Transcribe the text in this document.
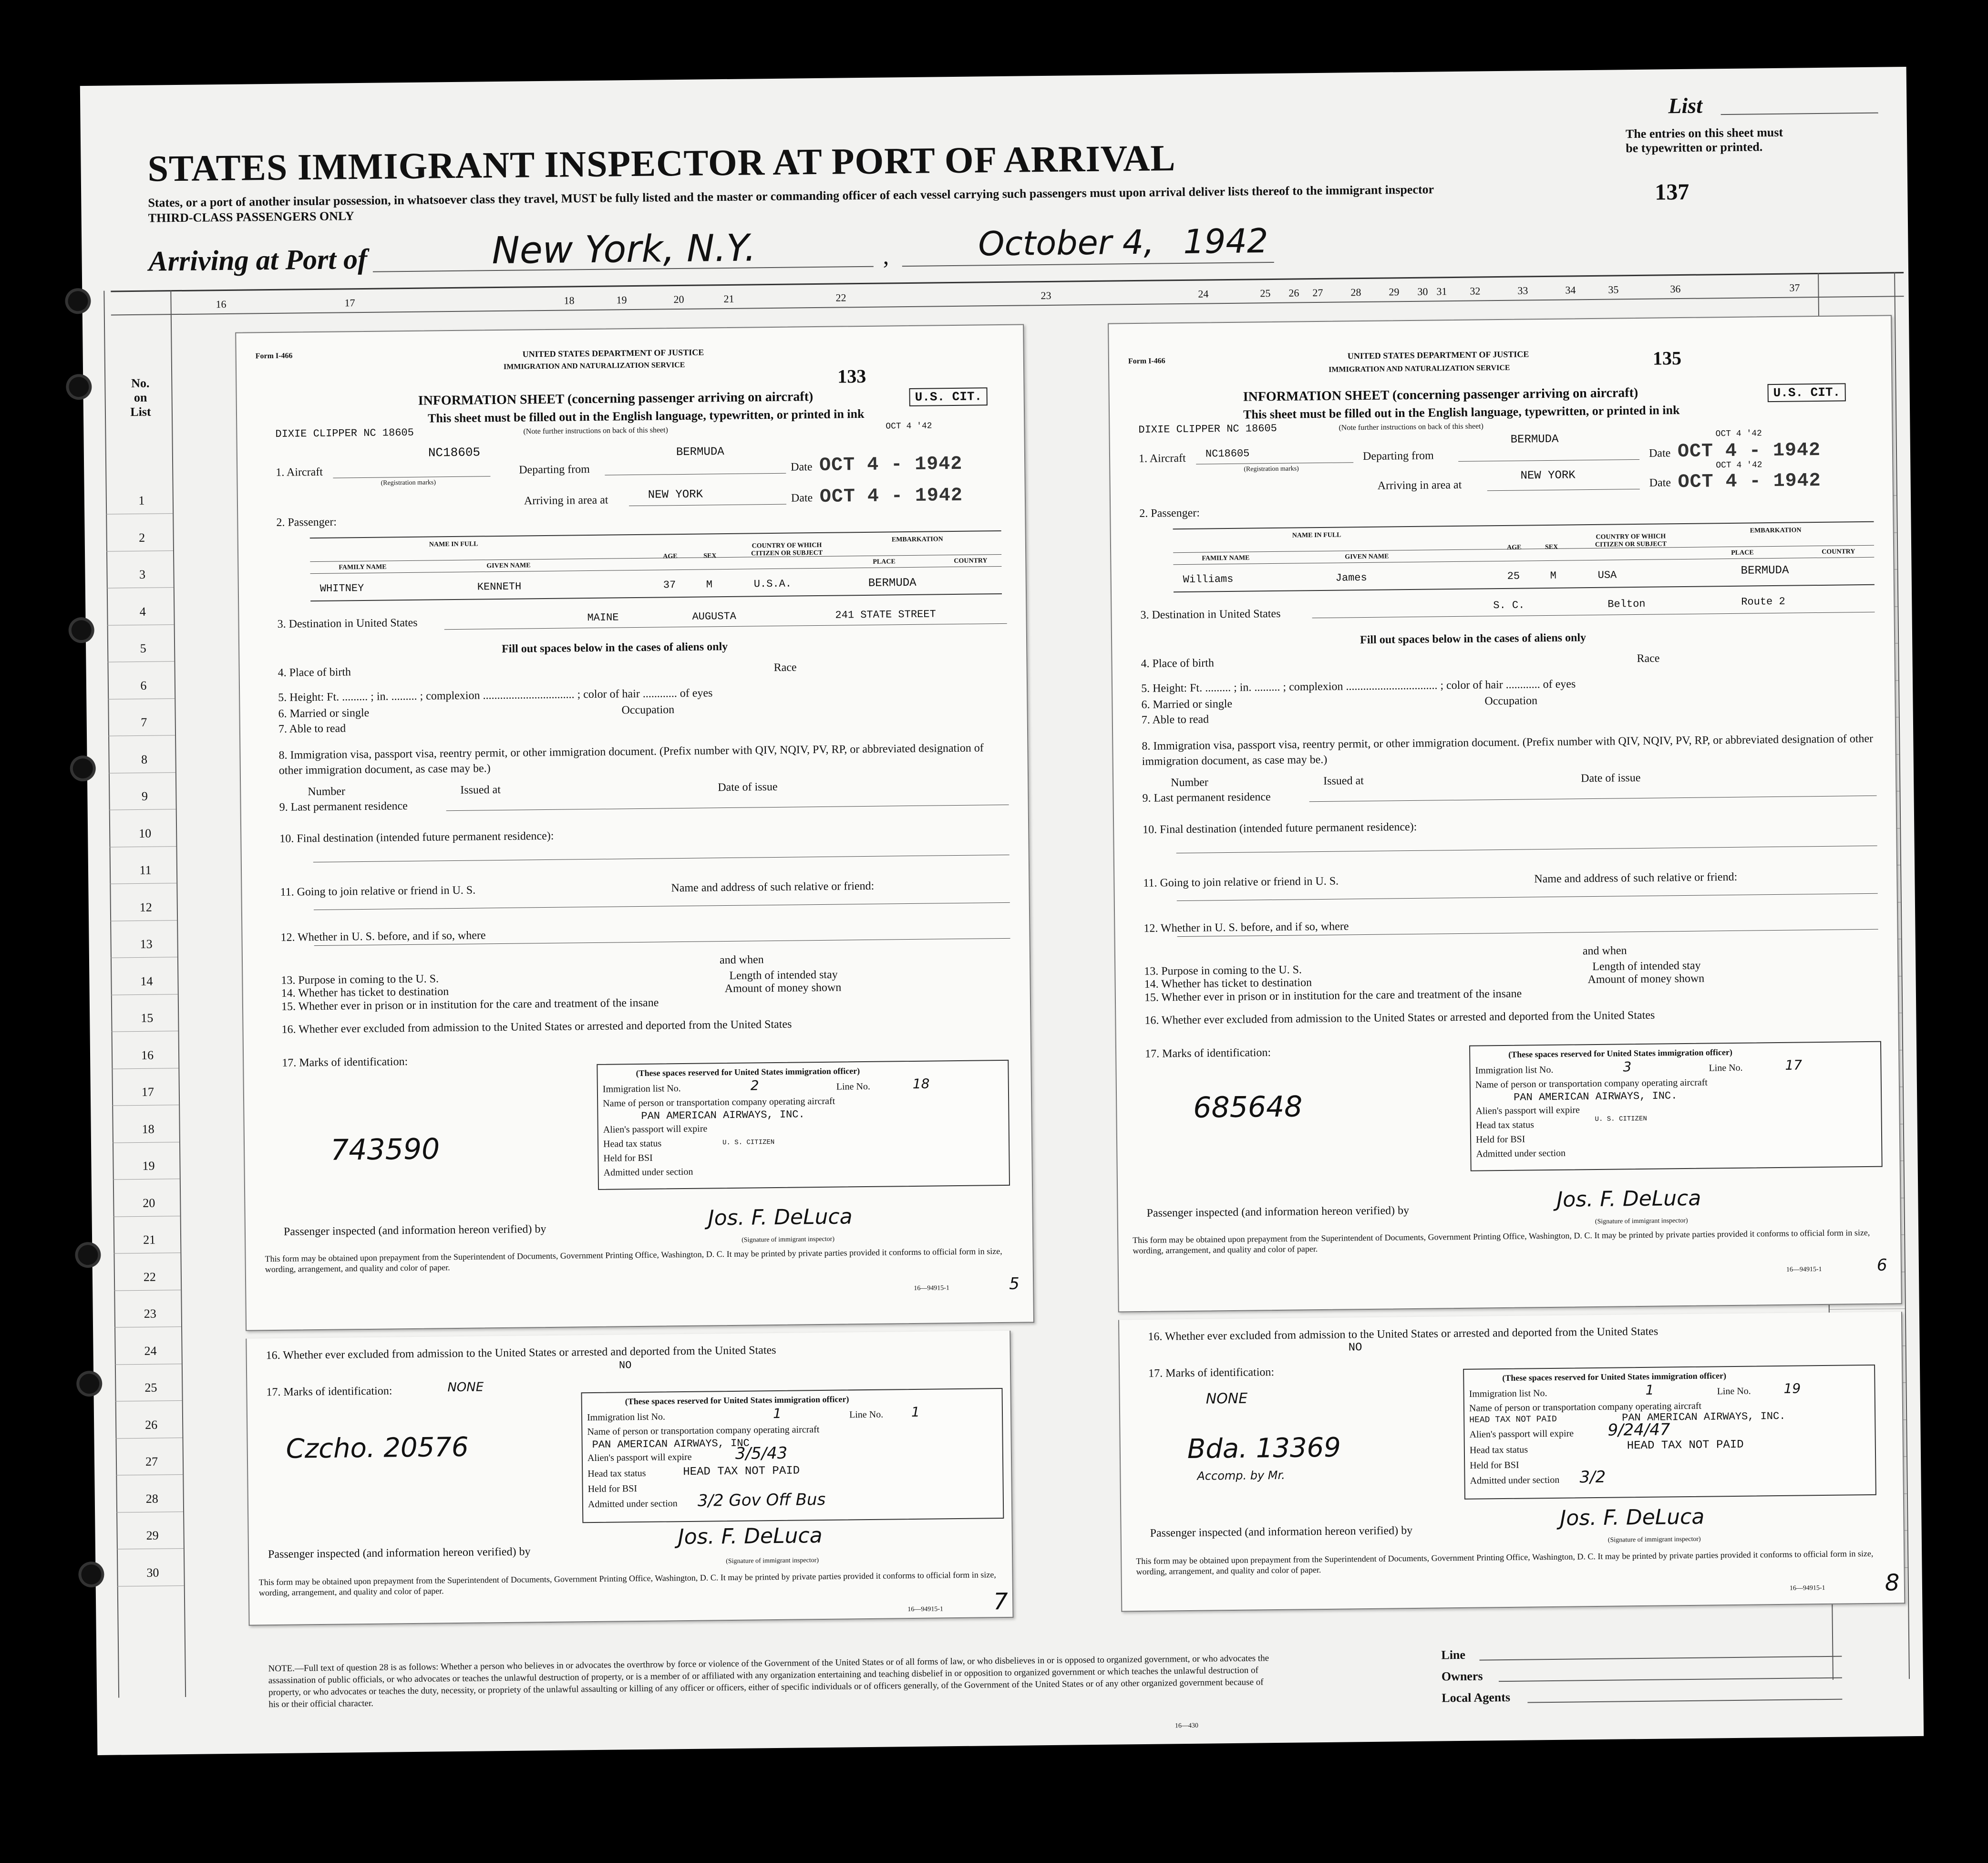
List
The entries on this sheet must
be typewritten or printed.
STATES IMMIGRANT INSPECTOR AT PORT OF ARRIVAL
States, or a port of another insular possession, in whatsoever class they travel, MUST be fully listed and the master or commanding officer of each vessel carrying such passengers must upon arrival deliver lists thereof to the immigrant inspector
THIRD-CLASS PASSENGERS ONLY
137
Arriving at Port of	New York, N.Y.	,	October 4, 1942
16	17	18	19	20	21	22	23	24	25 26 27	28	29 30 31 32	33	34	35	36	37
No.
on
List
1
2
3
4
5
6
7
8
9
10
11
12
13
14
15
16
17
18
19
20
21
22
23
24
25
26
27
28
29
30
Form I-466	UNITED STATES DEPARTMENT OF JUSTICE
IMMIGRATION AND NATURALIZATION SERVICE	133
INFORMATION SHEET (concerning passenger arriving on aircraft)	U.S. CIT.
This sheet must be filled out in the English language, typewritten, or printed in ink
DIXIE CLIPPER NC 18605	(Note further instructions on back of this sheet)	OCT 4 '42
NC18605
1. Aircraft
(Registration marks)
Departing from
BERMUDA
Date OCT 4 - 1942
Arriving in area at	NEW YORK	Date OCT 4 - 1942
2. Passenger:
NAME IN FULL
FAMILY NAME	GIVEN NAME
AGE	SEX
COUNTRY OF WHICH CITIZEN OR SUBJECT
EMBARKATION
PLACE	COUNTRY
WHITNEY	KENNETH	37	M	U.S.A.	BERMUDA
3. Destination in United States	MAINE	AUGUSTA	241 STATE STREET
Fill out spaces below in the cases of aliens only
4. Place of birth	Race
5. Height: Ft. ......... ; in. ......... ; complexion ................................ ; color of hair ............ of eyes
6. Married or single	Occupation
7. Able to read
8. Immigration visa, passport visa, reentry permit, or other immigration document. (Prefix number with QIV, NQIV, PV, RP, or abbreviated designation of other immigration document, as case may be.)
Number	Issued at	Date of issue
9. Last permanent residence
10. Final destination (intended future permanent residence):
11. Going to join relative or friend in U. S.	Name and address of such relative or friend:
12. Whether in U. S. before, and if so, where
and when
13. Purpose in coming to the U. S.	Length of intended stay
14. Whether has ticket to destination	Amount of money shown
15. Whether ever in prison or in institution for the care and treatment of the insane
16. Whether ever excluded from admission to the United States or arrested and deported from the United States
17. Marks of identification:
743590
(These spaces reserved for United States immigration officer)
Immigration list No.	2	Line No.	18
Name of person or transportation company operating aircraft
PAN AMERICAN AIRWAYS, INC.
Alien's passport will expire
Head tax status	U. S. CITIZEN
Held for BSI
Admitted under section
Passenger inspected (and information hereon verified) by
Jos. F. DeLuca
(Signature of immigrant inspector)
This form may be obtained upon prepayment from the Superintendent of Documents, Government Printing Office, Washington, D. C. It may be printed by private parties provided it conforms to official form in size, wording, arrangement, and quality and color of paper.
16—94915-1	5
Form I-466
UNITED STATES DEPARTMENT OF JUSTICE
IMMIGRATION AND NATURALIZATION SERVICE	135
INFORMATION SHEET (concerning passenger arriving on aircraft)	U.S. CIT.
This sheet must be filled out in the English language, typewritten, or printed in ink
DIXIE CLIPPER NC 18605	(Note further instructions on back of this sheet)
1. Aircraft NC18605
(Registration marks)
Departing from
BERMUDA
Date OCT 4 - 1942
OCT 4 '42
Arriving in area at
NEW YORK
Date OCT 4 - 1942
OCT 4 '42
2. Passenger:
NAME IN FULL
FAMILY NAME	GIVEN NAME
AGE	SEX
COUNTRY OF WHICH CITIZEN OR SUBJECT
EMBARKATION
PLACE	COUNTRY
Williams	James	25	M	USA	BERMUDA
3. Destination in United States
S. C.	Belton	Route 2
Fill out spaces below in the cases of aliens only
4. Place of birth	Race
5. Height: Ft. ......... ; in. ......... ; complexion ................................ ; color of hair ............ of eyes
6. Married or single	Occupation
7. Able to read
8. Immigration visa, passport visa, reentry permit, or other immigration document. (Prefix number with QIV, NQIV, PV, RP, or abbreviated designation of other immigration document, as case may be.)
Number	Issued at	Date of issue
9. Last permanent residence
10. Final destination (intended future permanent residence):
11. Going to join relative or friend in U. S.	Name and address of such relative or friend:
12. Whether in U. S. before, and if so, where
and when
13. Purpose in coming to the U. S.	Length of intended stay
14. Whether has ticket to destination	Amount of money shown
15. Whether ever in prison or in institution for the care and treatment of the insane
16. Whether ever excluded from admission to the United States or arrested and deported from the United States
17. Marks of identification:
685648
(These spaces reserved for United States immigration officer)
Immigration list No.	3	Line No.	17
Name of person or transportation company operating aircraft
PAN AMERICAN AIRWAYS, INC.
Alien's passport will expire
Head tax status
U. S. CITIZEN
Held for BSI
Admitted under section
Passenger inspected (and information hereon verified) by
Jos. F. DeLuca
(Signature of immigrant inspector)
This form may be obtained upon prepayment from the Superintendent of Documents, Government Printing Office, Washington, D. C. It may be printed by private parties provided it conforms to official form in size, wording, arrangement, and quality and color of paper.
16—94915-1	6
16. Whether ever excluded from admission to the United States or arrested and deported from the United States
NO
17. Marks of identification:	NONE
Czcho. 20576
(These spaces reserved for United States immigration officer)
Immigration list No.	1	Line No. 1
Name of person or transportation company operating aircraft
PAN AMERICAN AIRWAYS, INC
Alien's passport will expire	3/5/43
Head tax status	HEAD TAX NOT PAID
Held for BSI
Admitted under section 3/2 Gov Off Bus
Passenger inspected (and information hereon verified) by
Jos. F. DeLuca
(Signature of immigrant inspector)
This form may be obtained upon prepayment from the Superintendent of Documents, Government Printing Office, Washington, D. C. It may be printed by private parties provided it conforms to official form in size, wording, arrangement, and quality and color of paper.
16—94915-1 7
16. Whether ever excluded from admission to the United States or arrested and deported from the United States
NO
17. Marks of identification:
NONE
Bda. 13369
Accomp. by Mr.
(These spaces reserved for United States immigration officer)
Immigration list No.	1	Line No. 19
Name of person or transportation company operating aircraft
PAN AMERICAN AIRWAYS, INC.
HEAD TAX NOT PAID
Alien's passport will expire 9/24/47
Head tax status	HEAD TAX NOT PAID
Held for BSI
Admitted under section 3/2
Passenger inspected (and information hereon verified) by
Jos. F. DeLuca
(Signature of immigrant inspector)
This form may be obtained upon prepayment from the Superintendent of Documents, Government Printing Office, Washington, D. C. It may be printed by private parties provided it conforms to official form in size, wording, arrangement, and quality and color of paper.
16—94915-1	8
NOTE.—Full text of question 28 is as follows: Whether a person who believes in or advocates the overthrow by force or violence of the Government of the United States or of all forms of law, or who disbelieves in or is opposed to organized government, or who advocates the assassination of public officials, or who advocates or teaches the unlawful destruction of property, or is a member of or affiliated with any organization entertaining and teaching disbelief in or opposition to organized government or which teaches the unlawful destruction of property, or who advocates or teaches the duty, necessity, or propriety of the unlawful assaulting or killing of any officer or officers, either of specific individuals or of officers generally, of the Government of the United States or of any other organized government because of his or their official character.
16—430
Line
Owners
Local Agents
